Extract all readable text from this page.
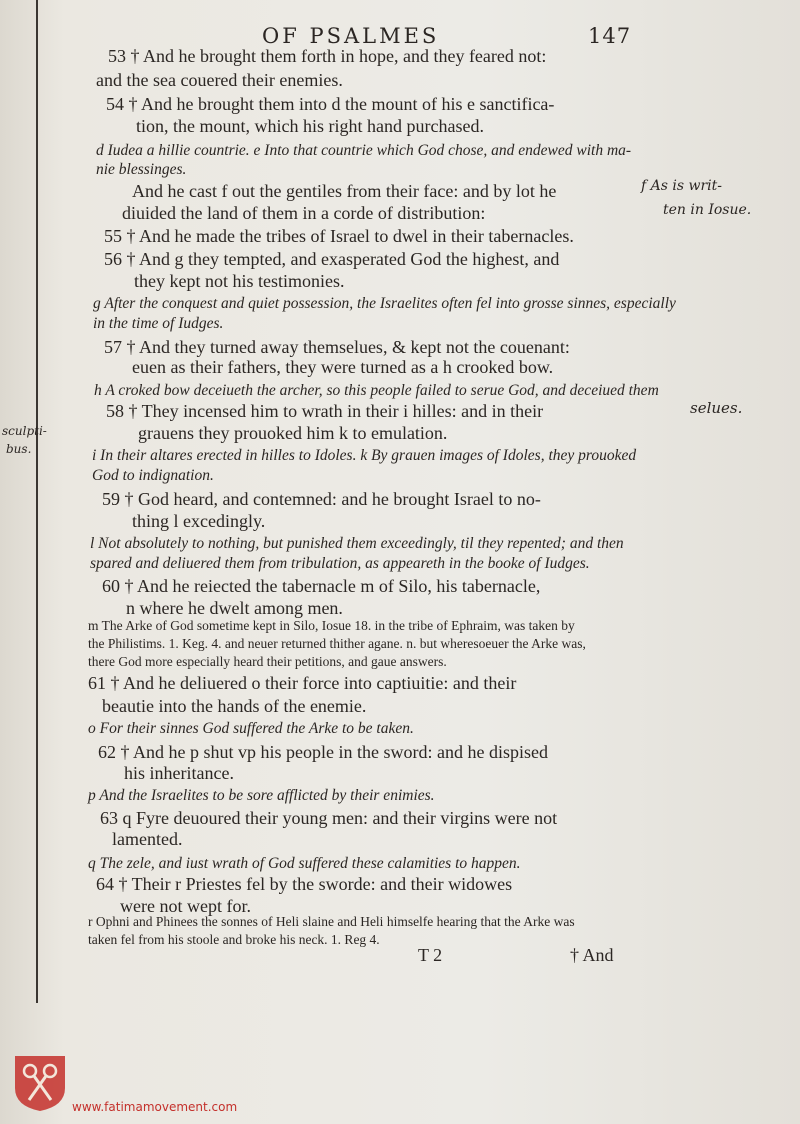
OF PSALMES	147
53 † And he brought them forth in hope, and they feared not:
and the sea couered their enemies.
54 † And he brought them into d the mount of his e sanctifica-
tion, the mount, which his right hand purchased.
d Iudea a hillie countrie. e Into that countrie which God chose, and endewed with ma-
nie blessinges.
And he cast f out the gentiles from their face: and by lot he
diuided the land of them in a corde of distribution:
55 † And he made the tribes of Israel to dwel in their tabernacles.
56 † And g they tempted, and exasperated God the highest, and
they kept not his testimonies.
g After the conquest and quiet possession, the Israelites often fel into grosse sinnes, especially
in the time of Iudges.
57 † And they turned away themselues, & kept not the couenant:
euen as their fathers, they were turned as a h crooked bow.
h A croked bow deceiueth the archer, so this people failed to serue God, and deceiued them
58 † They incensed him to wrath in their i hilles: and in their
grauens they prouoked him k to emulation.
i In their altares erected in hilles to Idoles. k By grauen images of Idoles, they prouoked
God to indignation.
59 † God heard, and contemned: and he brought Israel to no-
thing l excedingly.
l Not absolutely to nothing, but punished them exceedingly, til they repented; and then
spared and deliuered them from tribulation, as appeareth in the booke of Iudges.
60 † And he reiected the tabernacle m of Silo, his tabernacle,
n where he dwelt among men.
m The Arke of God sometime kept in Silo, Iosue 18. in the tribe of Ephraim, was taken by
the Philistims. 1. Keg. 4. and neuer returned thither agane. n. but wheresoeuer the Arke was,
there God more especially heard their petitions, and gaue answers.
61 † And he deliuered o their force into captiuitie: and their
beautie into the hands of the enemie.
o For their sinnes God suffered the Arke to be taken.
62 † And he p shut vp his people in the sword: and he dispised
his inheritance.
p And the Israelites to be sore afflicted by their enimies.
63 q Fyre deuoured their young men: and their virgins were not
lamented.
q The zele, and iust wrath of God suffered these calamities to happen.
64 † Their r Priestes fel by the sworde: and their widowes
were not wept for.
r Ophni and Phinees the sonnes of Heli slaine and Heli himselfe hearing that the Arke was
taken fel from his stoole and broke his neck. 1. Reg 4.
f As is writ-
ten in Iosue.
selues.
sculpti-
bus.
T 2	† And
www.fatimamovement.com
